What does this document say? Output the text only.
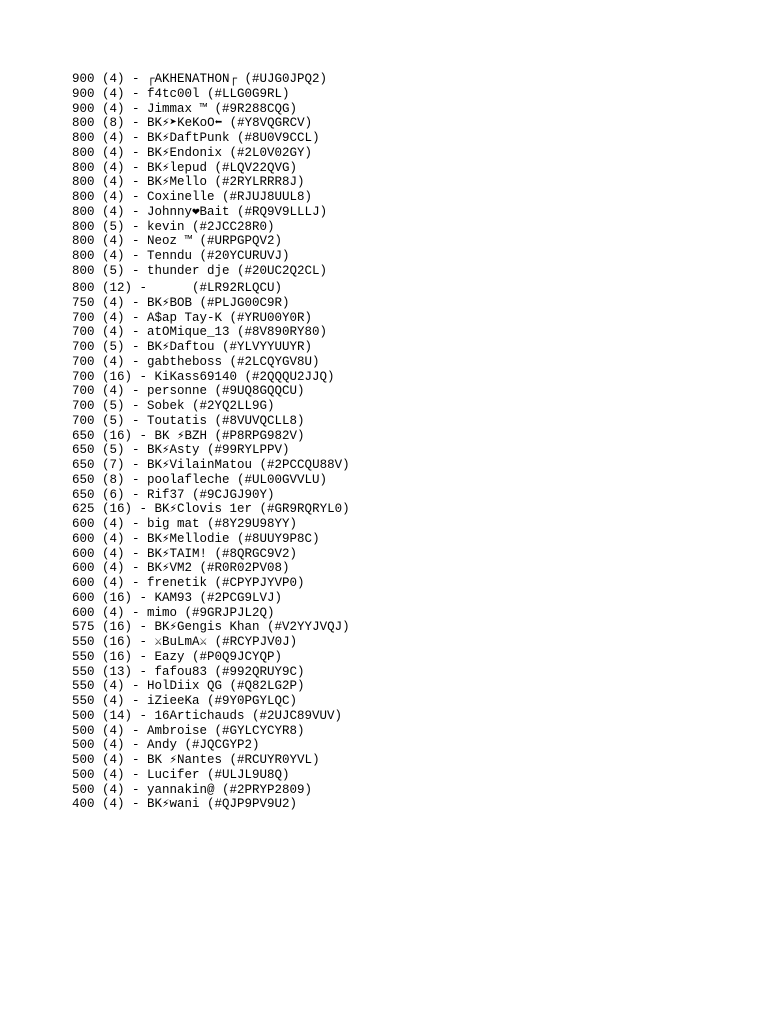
900 (4) - ┌AKHENATHON┌ (#UJG0JPQ2)
900 (4) - f4tc00l (#LLG0G9RL)
900 (4) - Jimmax ™ (#9R288CQG)
800 (8) - BK⚡➤KeKoO⬅ (#Y8VQGRCV)
800 (4) - BK⚡DaftPunk (#8U0V9CCL)
800 (4) - BK⚡Endonix (#2L0V02GY)
800 (4) - BK⚡lepud (#LQV22QVG)
800 (4) - BK⚡Mello (#2RYLRRR8J)
800 (4) - Coxinelle (#RJUJ8UUL8)
800 (4) - Johnny❤Bait (#RQ9V9LLLJ)
800 (5) - kevin (#2JCC28R0)
800 (4) - Neoz ™ (#URPGPQV2)
800 (4) - Tenndu (#20YCURUVJ)
800 (5) - thunder dje (#20UC2Q2CL)
800 (12) -      (#LR92RLQCU)
750 (4) - BK⚡BOB (#PLJG00C9R)
700 (4) - A$ap Tay-K (#YRU00Y0R)
700 (4) - atOMique_13 (#8V890RY80)
700 (5) - BK⚡Daftou (#YLVYYUUYR)
700 (4) - gabtheboss (#2LCQYGV8U)
700 (16) - KiKass69140 (#2QQQU2JJQ)
700 (4) - personne (#9UQ8GQQCU)
700 (5) - Sobek (#2YQ2LL9G)
700 (5) - Toutatis (#8VUVQCLL8)
650 (16) - BK ⚡BZH (#P8RPG982V)
650 (5) - BK⚡Asty (#99RYLPPV)
650 (7) - BK⚡VilainMatou (#2PCCQU88V)
650 (8) - poolafleche (#UL00GVVLU)
650 (6) - Rif37 (#9CJGJ90Y)
625 (16) - BK⚡Clovis 1er (#GR9RQRYL0)
600 (4) - big mat (#8Y29U98YY)
600 (4) - BK⚡Mellodie (#8UUY9P8C)
600 (4) - BK⚡TAIM! (#8QRGC9V2)
600 (4) - BK⚡VM2 (#R0R02PV08)
600 (4) - frenetik (#CPYPJYVP0)
600 (16) - KAM93 (#2PCG9LVJ)
600 (4) - mimo (#9GRJPJL2Q)
575 (16) - BK⚡Gengis Khan (#V2YYJVQJ)
550 (16) - ⚔BuLmA⚔ (#RCYPJV0J)
550 (16) - Eazy (#P0Q9JCYQP)
550 (13) - fafou83 (#992QRUY9C)
550 (4) - HolDiix QG (#Q82LG2P)
550 (4) - iZieeKa (#9Y0PGYLQC)
500 (14) - 16Artichauds (#2UJC89VUV)
500 (4) - Ambroise (#GYLCYCYR8)
500 (4) - Andy (#JQCGYP2)
500 (4) - BK ⚡Nantes (#RCUYR0YVL)
500 (4) - Lucifer (#ULJL9U8Q)
500 (4) - yannakin@ (#2PRYP2809)
400 (4) - BK⚡wani (#QJP9PV9U2)
